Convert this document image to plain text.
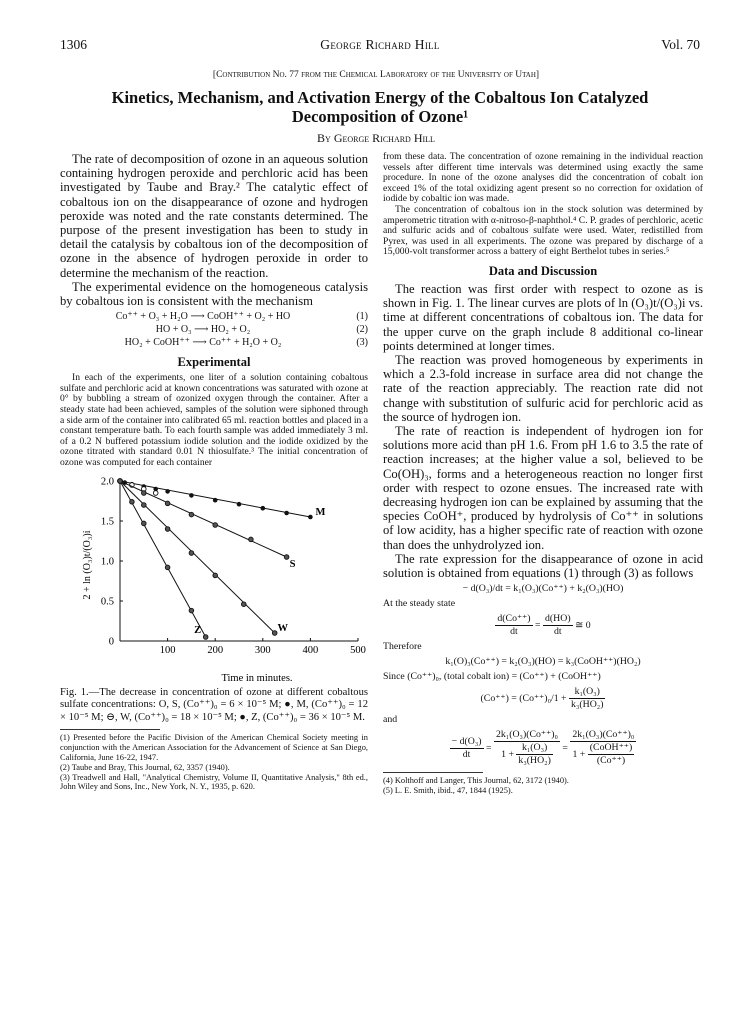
1306	George Richard Hill	Vol. 70
[Contribution No. 77 from the Chemical Laboratory of the University of Utah]
Kinetics, Mechanism, and Activation Energy of the Cobaltous Ion Catalyzed Decomposition of Ozone¹
By George Richard Hill

The rate of decomposition of ozone in an aqueous solution containing hydrogen peroxide and perchloric acid has been investigated by Taube and Bray.² The catalytic effect of cobaltous ion on the disappearance of ozone and hydrogen peroxide was noted and the rate constants determined. The purpose of the present investigation has been to study in detail the catalysis by cobaltous ion of the decomposition of ozone in the absence of hydrogen peroxide in order to determine the mechanism of the reaction.

The experimental evidence on the homogeneous catalysis by cobaltous ion is consistent with the mechanism

Co⁺⁺ + O₃ + H₂O ⟶ CoOH⁺⁺ + O₂ + HO	(1)
HO + O₃ ⟶ HO₂ + O₂	(2)
HO₂ + CoOH⁺⁺ ⟶ Co⁺⁺ + H₂O + O₂	(3)
Experimental

In each of the experiments, one liter of a solution containing cobaltous sulfate and perchloric acid at known concentrations was saturated with ozone at 0° by bubbling a stream of ozonized oxygen through the container. After a steady state had been achieved, samples of the solution were siphoned through a side arm of the container into calibrated 65 ml. reaction bottles and placed in a constant temperature bath. To each fourth sample was added immediately 3 ml. of a 0.2 N buffered potassium iodide solution and the iodide oxidized by the ozone titrated with standard 0.01 N thiosulfate.³ The initial concentration of ozone was computed for each container

100	200	300	400	500
2.0
1.5
1.0
0.5
0
M
S
W
Z
2 + ln (O₃)t/(O₃)i
Time in minutes.

Fig. 1.—The decrease in concentration of ozone at different cobaltous sulfate concentrations: O, S, (Co⁺⁺)₀ = 6 × 10⁻⁵ M; ●, M, (Co⁺⁺)₀ = 12 × 10⁻⁵ M; ⊖, W, (Co⁺⁺)₀ = 18 × 10⁻⁵ M; ●, Z, (Co⁺⁺)₀ = 36 × 10⁻⁵ M.

(1) Presented before the Pacific Division of the American Chemical Society meeting in conjunction with the American Association for the Advancement of Science at San Diego, California, June 16-22, 1947.

(2) Taube and Bray, This Journal, 62, 3357 (1940).

(3) Treadwell and Hall, "Analytical Chemistry, Volume II, Quantitative Analysis," 8th ed., John Wiley and Sons, Inc., New York, N. Y., 1935, p. 620.

from these data. The concentration of ozone remaining in the individual reaction vessels after different time intervals was determined using exactly the same procedure. In none of the ozone analyses did the concentration of cobalt ion exceed 1% of the total oxidizing agent present so no correction for oxidation of iodide by cobaltic ion was made.

The concentration of cobaltous ion in the stock solution was determined by amperometric titration with α-nitroso-β-naphthol.⁴ C. P. grades of perchloric, acetic and sulfuric acids and of cobaltous sulfate were used. Water, redistilled from Pyrex, was used in all experiments. The ozone was prepared by discharge of a 15,000-volt transformer across a battery of eight Berthelot tubes in series.⁵

Data and Discussion

The reaction was first order with respect to ozone as is shown in Fig. 1. The linear curves are plots of ln (O₃)t/(O₃)i vs. time at different concentrations of cobaltous ion. The data for the upper curve on the graph include 8 additional co-linear points determined at longer times.

The reaction was proved homogeneous by experiments in which a 2.3-fold increase in surface area did not change the rate of the reaction appreciably. The reaction rate did not change with substitution of sulfuric acid for perchloric acid as the source of hydrogen ion.

The rate of reaction is independent of hydrogen ion for solutions more acid than pH 1.6. From pH 1.6 to 3.5 the rate of reaction increases; at the higher value a sol, believed to be Co(OH)₃, forms and a heterogeneous reaction no longer first order with respect to ozone ensues. The increased rate with decreasing hydrogen ion can be explained by assuming that the species CoOH⁺, produced by hydrolysis of Co⁺⁺ in solutions of low acidity, has a higher specific rate of reaction with ozone than does the unhydrolyzed ion.

The rate expression for the disappearance of ozone in acid solution is obtained from equations (1) through (3) as follows

− d(O₃)/dt = k₁(O₃)(Co⁺⁺) + k₂(O₃)(HO)
At the steady state
$\frac{d(Co^{++})}{dt} = \frac{d(HO)}{dt}$ ≅ 0
Therefore
k₁(O)₃(Co⁺⁺) = k₂(O₃)(HO) = k₃(CoOH⁺⁺)(HO₂)
Since (Co⁺⁺)₀, (total cobalt ion) = (Co⁺⁺) + (CoOH⁺⁺)
$(Co^{++}) = (Co^{++})_0/1 + \frac{\text{k₁(O₃)}}{\text{k₃(HO₂)}}$
and
$\frac{\text{− d(O₃)}}{dt} = \frac{\text{2k₁(O₃)(Co⁺⁺)₀}}{1 + \frac{\text{k₁(O₃)}}{\text{k₃(HO₂)}}} = \frac{\text{2k₁(O₃)(Co⁺⁺)₀}}{1 + \frac{\text{(CoOH⁺⁺)}}{(Co^{++})}}$

(4) Kolthoff and Langer, This Journal, 62, 3172 (1940).

(5) L. E. Smith, ibid., 47, 1844 (1925).
